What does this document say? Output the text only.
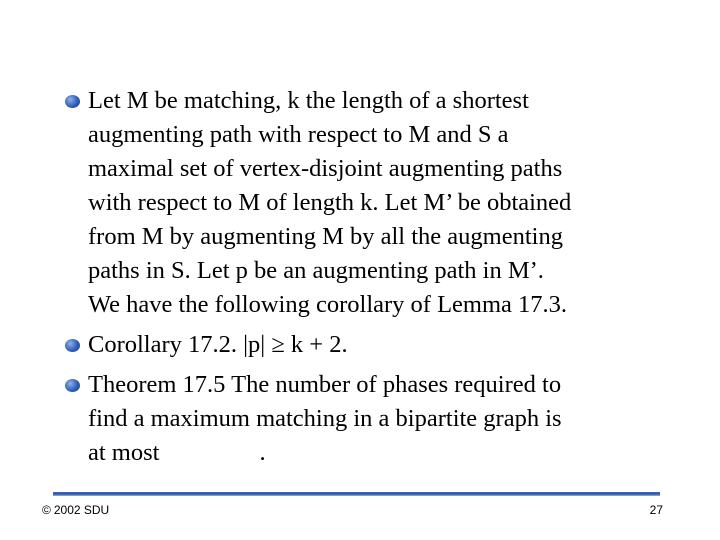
Let M be matching, k the length of a shortest
augmenting path with respect to M and S a
maximal set of vertex-disjoint augmenting paths
with respect to M of length k. Let M’ be obtained
from M by augmenting M by all the augmenting
paths in S. Let p be an augmenting path in M’.
We have the following corollary of Lemma 17.3.
Corollary 17.2. |p| ≥ k + 2.
Theorem 17.5 The number of phases required to
find a maximum matching in a bipartite graph is
at most	.
© 2002 SDU	27
